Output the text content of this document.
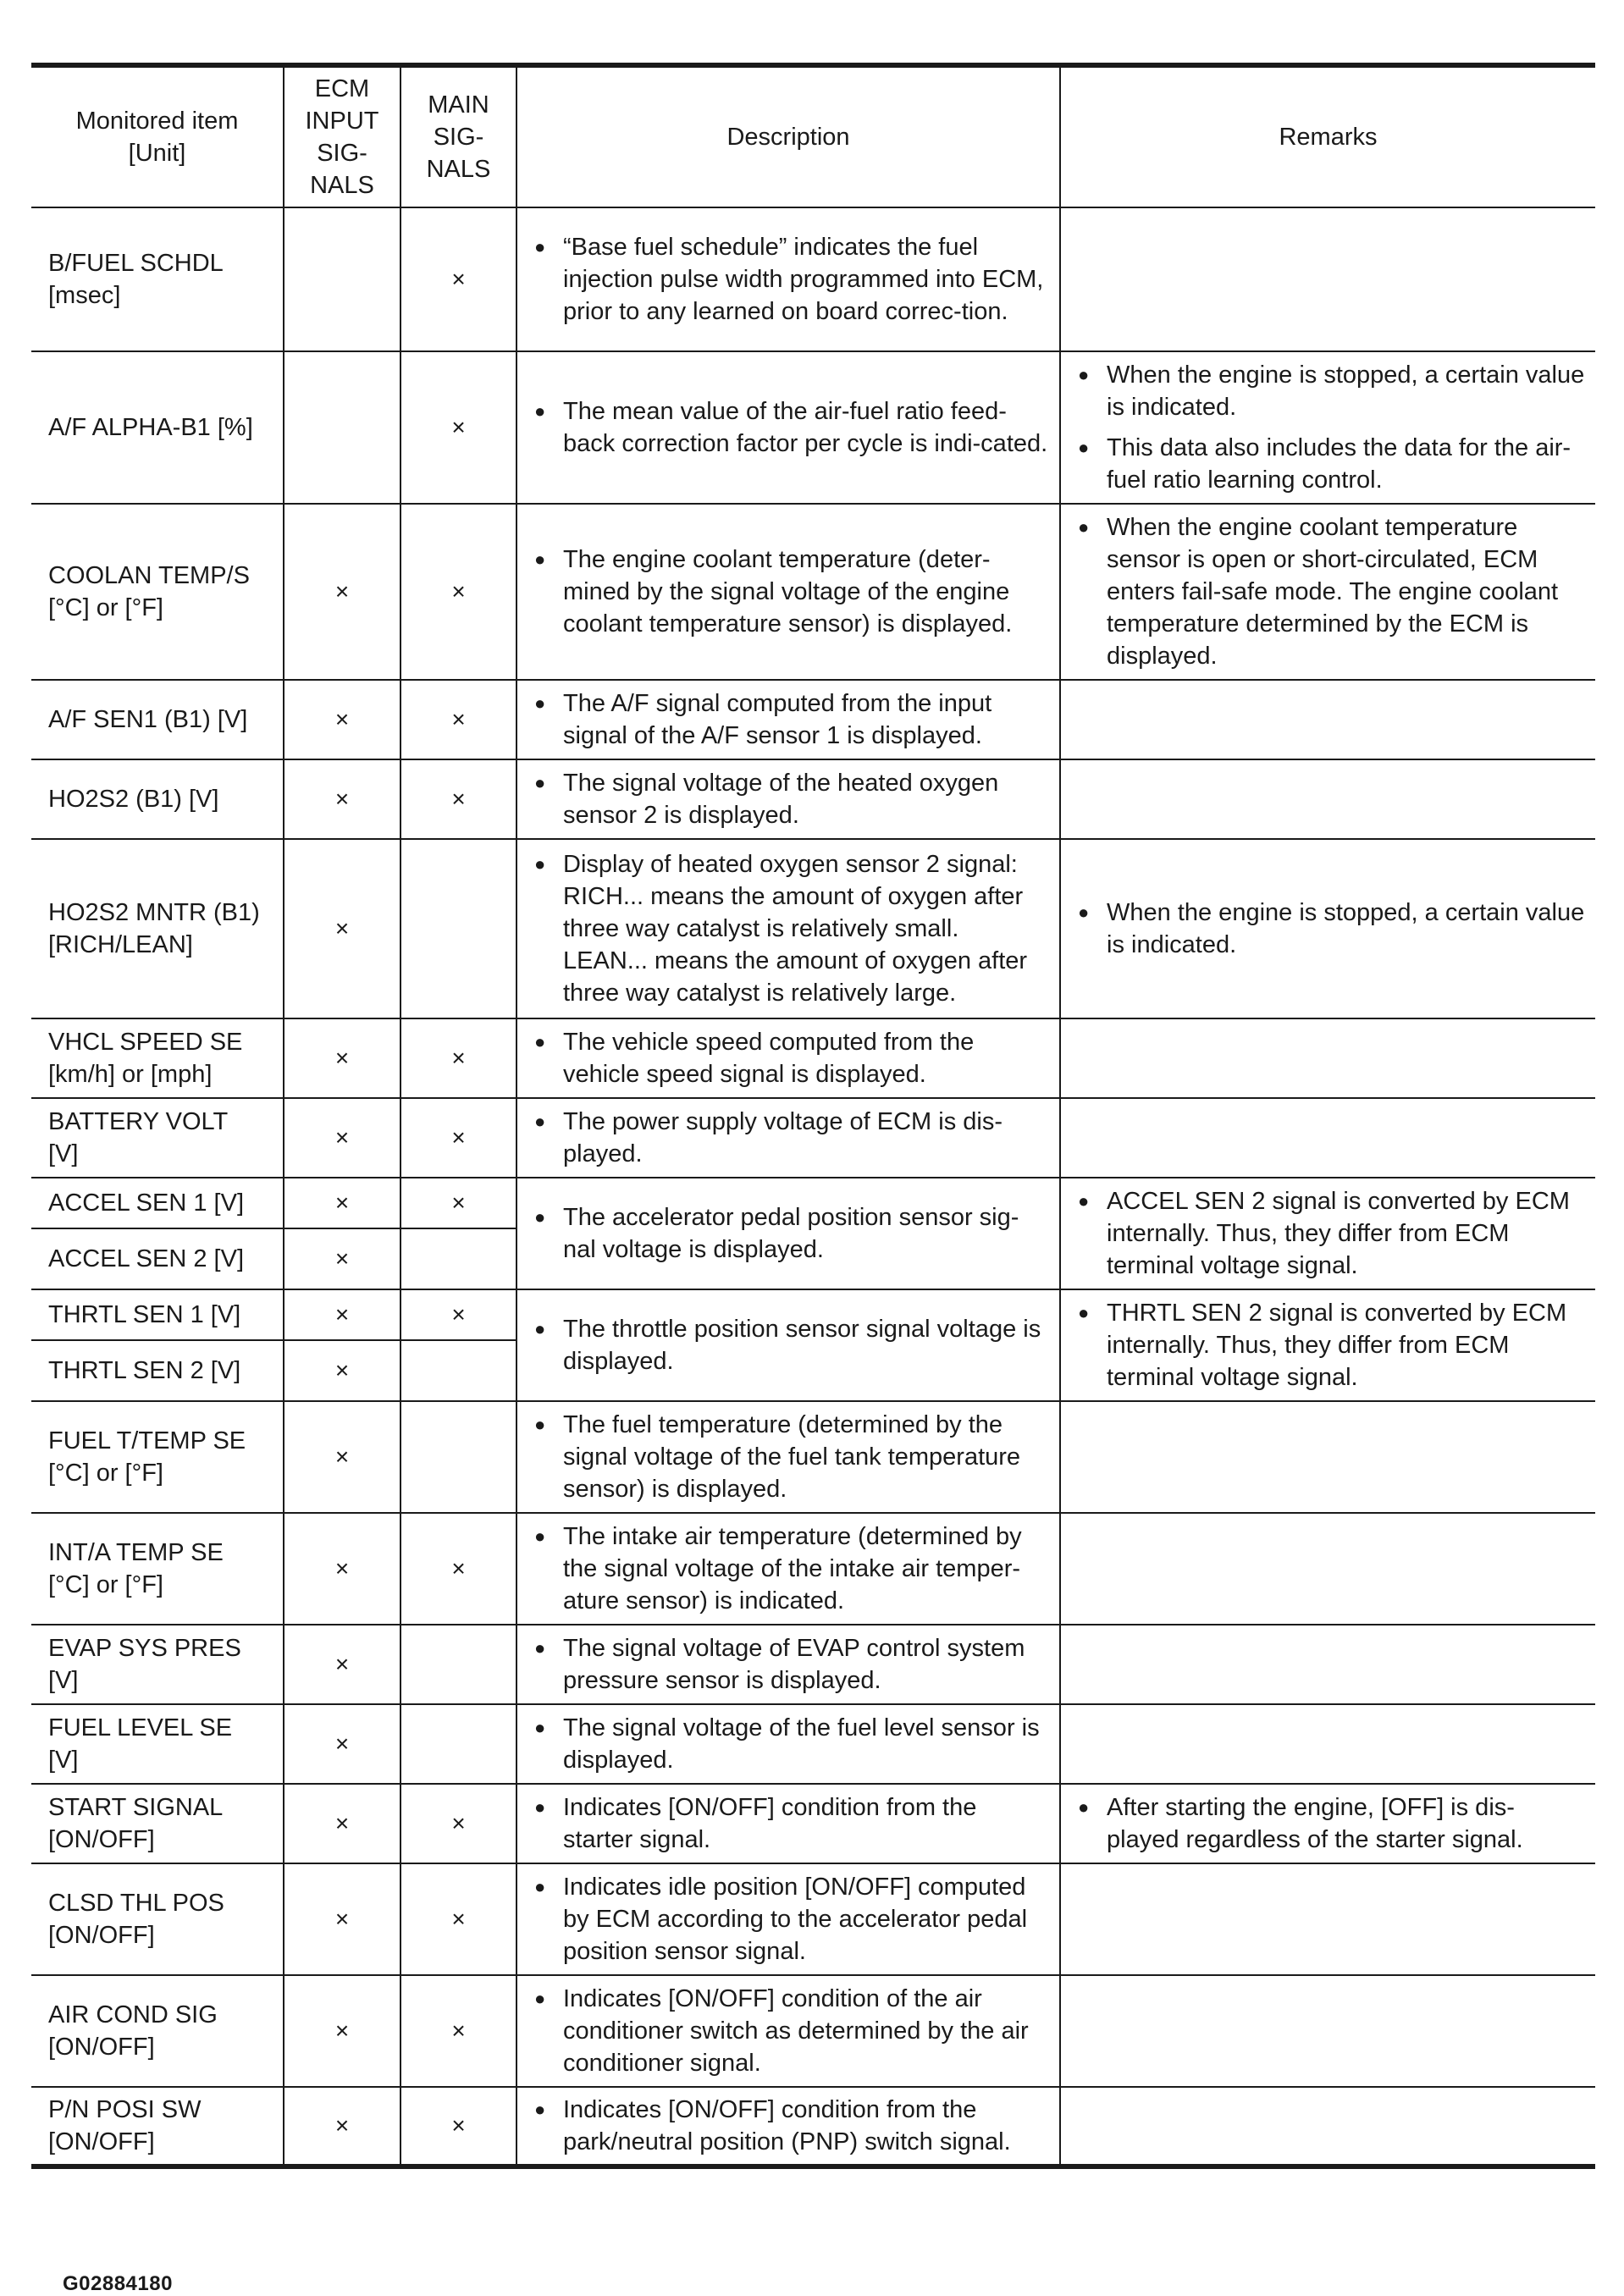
Monitored item
[Unit]	ECM
INPUT
SIG-
NALS	MAIN
SIG-
NALS	Description	Remarks
B/FUEL SCHDL
[msec]		×	● “Base fuel schedule” indicates the fuel injection pulse width programmed into ECM, prior to any learned on board correc-tion.

A/F ALPHA-B1 [%]		×	● The mean value of the air-fuel ratio feed-back correction factor per cycle is indi-cated.	● When the engine is stopped, a certain value is indicated.
● This data also includes the data for the air-fuel ratio learning control.

COOLAN TEMP/S
[°C] or [°F]	×	×	● The engine coolant temperature (deter-mined by the signal voltage of the engine coolant temperature sensor) is displayed.	● When the engine coolant temperature sensor is open or short-circulated, ECM enters fail-safe mode. The engine coolant temperature determined by the ECM is displayed.

A/F SEN1 (B1) [V]	×	×	● The A/F signal computed from the input signal of the A/F sensor 1 is displayed.

HO2S2 (B1) [V]	×	×	● The signal voltage of the heated oxygen sensor 2 is displayed.

HO2S2 MNTR (B1)
[RICH/LEAN]	×		● Display of heated oxygen sensor 2 signal:
RICH... means the amount of oxygen after three way catalyst is relatively small.
LEAN... means the amount of oxygen after three way catalyst is relatively large.	● When the engine is stopped, a certain value is indicated.

VHCL SPEED SE
[km/h] or [mph]	×	×	● The vehicle speed computed from the vehicle speed signal is displayed.

BATTERY VOLT
[V]	×	×	● The power supply voltage of ECM is dis-played.

ACCEL SEN 1 [V]	×	×	● The accelerator pedal position sensor sig-nal voltage is displayed.	● ACCEL SEN 2 signal is converted by ECM internally. Thus, they differ from ECM terminal voltage signal.

ACCEL SEN 2 [V]	×			
THRTL SEN 1 [V]	×	×	● The throttle position sensor signal voltage is displayed.	● THRTL SEN 2 signal is converted by ECM internally. Thus, they differ from ECM terminal voltage signal.

THRTL SEN 2 [V]	×			
FUEL T/TEMP SE
[°C] or [°F]	×		● The fuel temperature (determined by the signal voltage of the fuel tank temperature sensor) is displayed.

INT/A TEMP SE
[°C] or [°F]	×	×	● The intake air temperature (determined by the signal voltage of the intake air temper-ature sensor) is indicated.

EVAP SYS PRES
[V]	×		● The signal voltage of EVAP control system pressure sensor is displayed.

FUEL LEVEL SE
[V]	×		● The signal voltage of the fuel level sensor is displayed.

START SIGNAL
[ON/OFF]	×	×	● Indicates [ON/OFF] condition from the starter signal.	● After starting the engine, [OFF] is dis-played regardless of the starter signal.

CLSD THL POS
[ON/OFF]	×	×	● Indicates idle position [ON/OFF] computed by ECM according to the accelerator pedal position sensor signal.

AIR COND SIG
[ON/OFF]	×	×	● Indicates [ON/OFF] condition of the air conditioner switch as determined by the air conditioner signal.

P/N POSI SW
[ON/OFF]	×	×	● Indicates [ON/OFF] condition from the park/neutral position (PNP) switch signal.

G02884180
